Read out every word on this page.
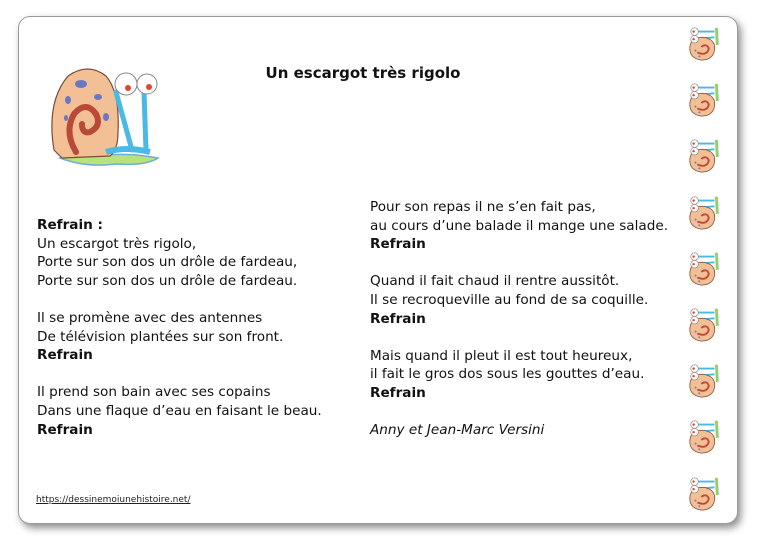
Un escargot très rigolo
Refrain :
Un escargot très rigolo,
Porte sur son dos un drôle de fardeau,
Porte sur son dos un drôle de fardeau.
Il se promène avec des antennes
De télévision plantées sur son front.
Refrain
Il prend son bain avec ses copains
Dans une flaque d’eau en faisant le beau.
Refrain
Pour son repas il ne s’en fait pas,
au cours d’une balade il mange une salade.
Refrain
Quand il fait chaud il rentre aussitôt.
Il se recroqueville au fond de sa coquille.
Refrain
Mais quand il pleut il est tout heureux,
il fait le gros dos sous les gouttes d’eau.
Refrain
Anny et Jean-Marc Versini
https://dessinemoiunehistoire.net/
